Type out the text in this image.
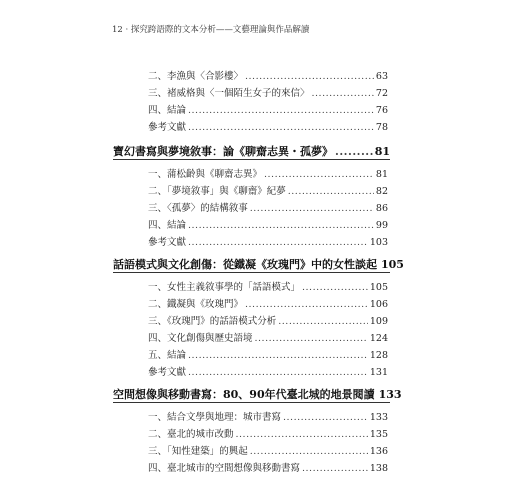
12 · 探究跨語際的文本分析——文藝理論與作品解讀
二、李漁與〈合影樓〉 .....	63
三、褚威格與〈一個陌生女子的來信〉 .....	72
四、結論 .....	76
參考文獻 .....	78
寶幻書寫與夢境敘事：論《聊齋志異・孤夢》 .....	81
一、蒲松齡與《聊齋志異》 .....	81
二、「夢境敘事」與《聊齋》紀夢 .....	82
三、〈孤夢〉的結構敘事 .....	86
四、結論 .....	99
參考文獻 .....	103
話語模式與文化創傷：從鐵凝《玫瑰門》中的女性談起 105
一、女性主義敘事學的「話語模式」 .....	105
二、鐵凝與《玫瑰門》 .....	106
三、《玫瑰門》的話語模式分析 .....	109
四、文化創傷與歷史語境 .....	124
五、結論 .....	128
參考文獻 .....	131
空間想像與移動書寫：80、90年代臺北城的地景閱讀 133
一、結合文學與地理：城市書寫 .....	133
二、臺北的城市改動 .....	135
三、「知性建築」的興起 .....	136
四、臺北城市的空間想像與移動書寫 .....	138
